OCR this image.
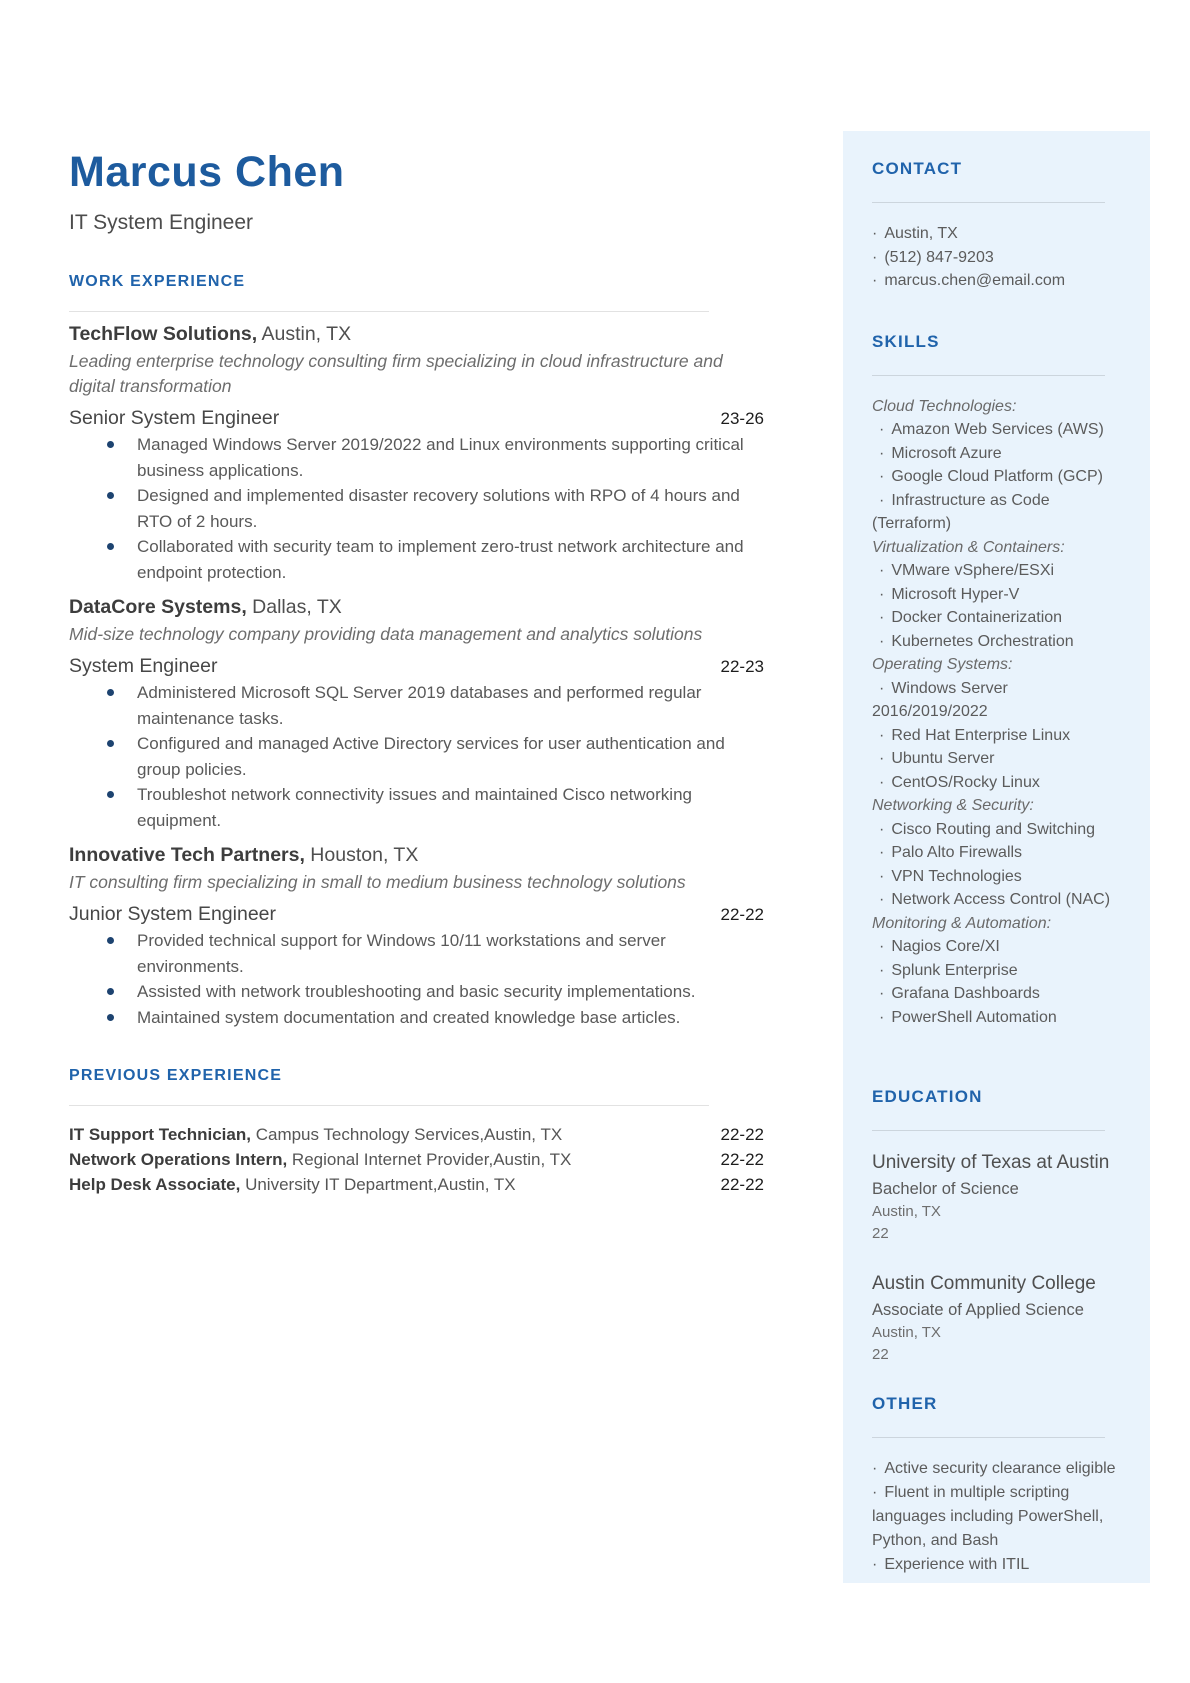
Marcus Chen
IT System Engineer
WORK EXPERIENCE
TechFlow Solutions, Austin, TX
Leading enterprise technology consulting firm specializing in cloud infrastructure and digital transformation
Senior System Engineer	23-26
Managed Windows Server 2019/2022 and Linux environments supporting critical business applications.
Designed and implemented disaster recovery solutions with RPO of 4 hours and RTO of 2 hours.
Collaborated with security team to implement zero-trust network architecture and endpoint protection.
DataCore Systems, Dallas, TX
Mid-size technology company providing data management and analytics solutions
System Engineer	22-23
Administered Microsoft SQL Server 2019 databases and performed regular maintenance tasks.
Configured and managed Active Directory services for user authentication and group policies.
Troubleshot network connectivity issues and maintained Cisco networking equipment.
Innovative Tech Partners, Houston, TX
IT consulting firm specializing in small to medium business technology solutions
Junior System Engineer	22-22
Provided technical support for Windows 10/11 workstations and server environments.
Assisted with network troubleshooting and basic security implementations.
Maintained system documentation and created knowledge base articles.
PREVIOUS EXPERIENCE
IT Support Technician, Campus Technology Services,Austin, TX	22-22
Network Operations Intern, Regional Internet Provider,Austin, TX	22-22
Help Desk Associate, University IT Department,Austin, TX	22-22
CONTACT
· Austin, TX
· (512) 847-9203
· marcus.chen@email.com
SKILLS
Cloud Technologies:
· Amazon Web Services (AWS)
· Microsoft Azure
· Google Cloud Platform (GCP)
· Infrastructure as Code (Terraform)
Virtualization & Containers:
· VMware vSphere/ESXi
· Microsoft Hyper-V
· Docker Containerization
· Kubernetes Orchestration
Operating Systems:
· Windows Server 2016/2019/2022
· Red Hat Enterprise Linux
· Ubuntu Server
· CentOS/Rocky Linux
Networking & Security:
· Cisco Routing and Switching
· Palo Alto Firewalls
· VPN Technologies
· Network Access Control (NAC)
Monitoring & Automation:
· Nagios Core/XI
· Splunk Enterprise
· Grafana Dashboards
· PowerShell Automation
EDUCATION
University of Texas at Austin
Bachelor of Science
Austin, TX
22
Austin Community College
Associate of Applied Science
Austin, TX
22
OTHER
· Active security clearance eligible
· Fluent in multiple scripting languages including PowerShell, Python, and Bash
· Experience with ITIL
